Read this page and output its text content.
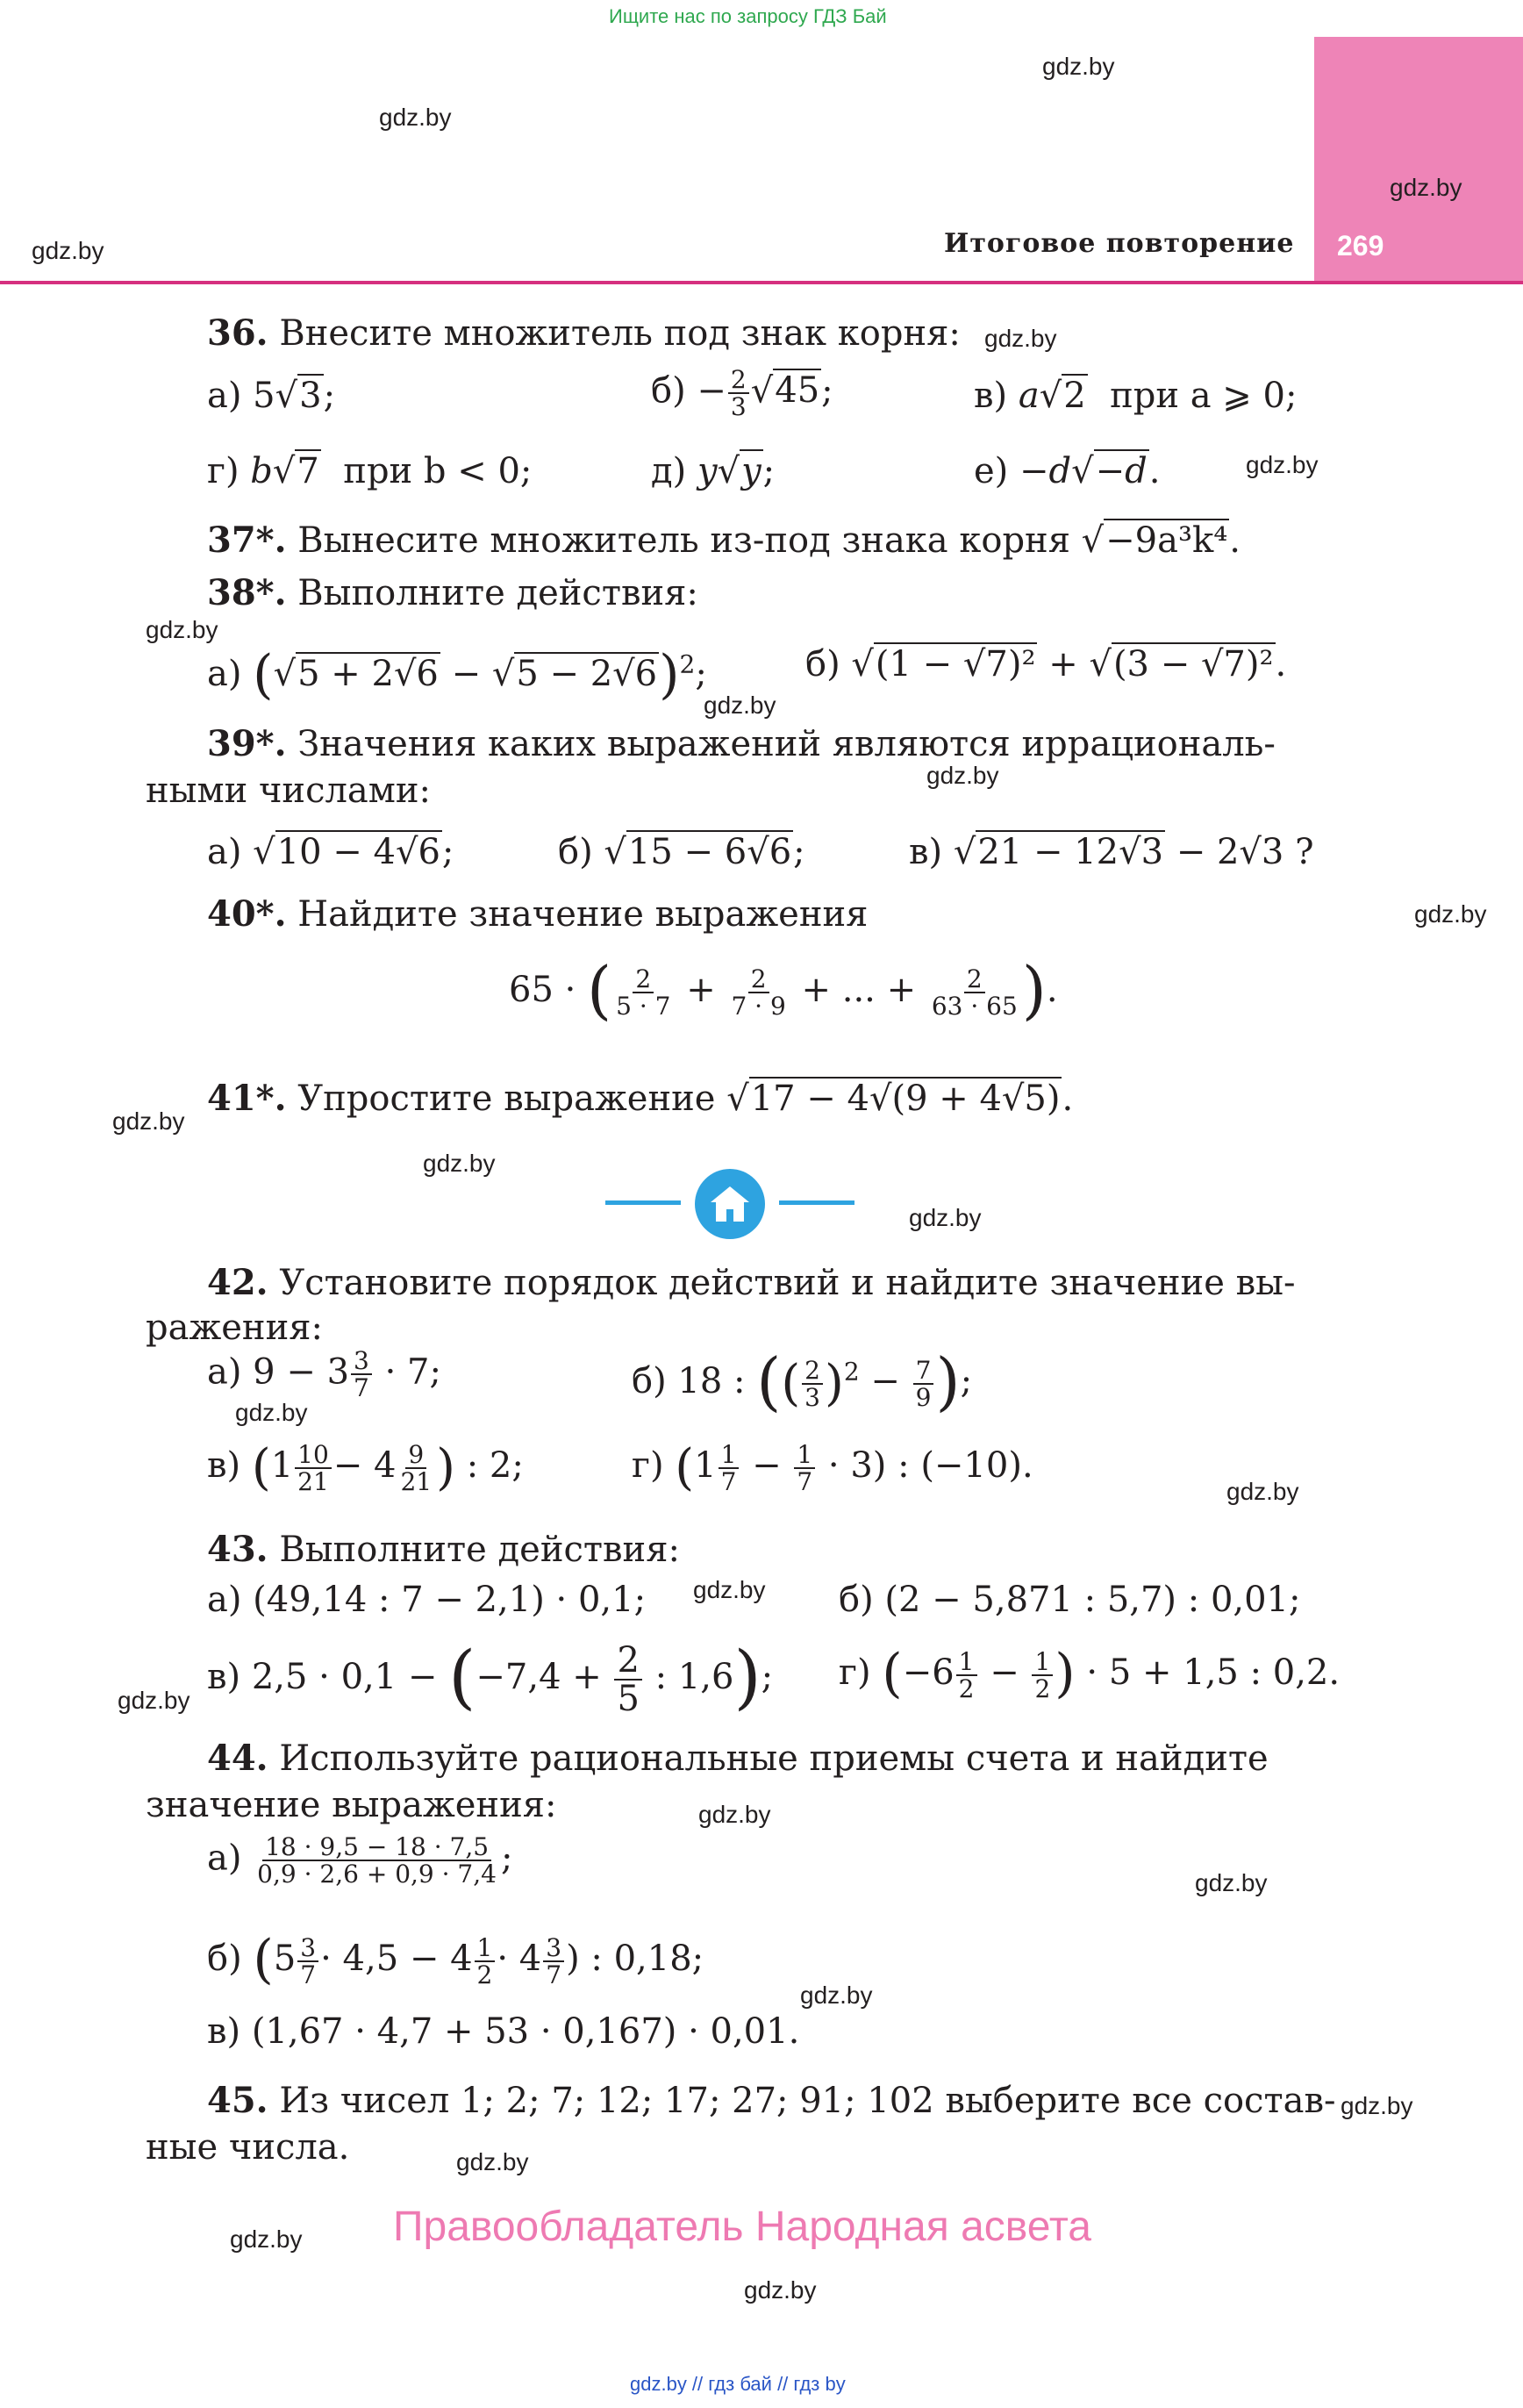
Ищите нас по запросу ГДЗ Бай
Итоговое повторение 269
gdz.by
gdz.by
gdz.by
gdz.by
gdz.by
gdz.by
gdz.by
gdz.by
gdz.by
gdz.by
gdz.by
gdz.by
gdz.by
gdz.by
gdz.by
gdz.by
gdz.by
gdz.by
gdz.by
gdz.by
gdz.by
gdz.by
gdz.by
gdz.by
36. Внесите множитель под знак корня:
а) 5√3;	$б) - \frac{2}{3} √45$;	в) a√2 при a ⩾ 0;
г) b√7 при b < 0;	д) y√y;	е) −d√−d.
37*. Вынесите множитель из-под знака корня √−9a³k⁴.
38*. Выполните действия:
а) $(√5 + 2√6 - √5 - 2√6)^2$;	б) √(1 − √7)² + √(3 − √7)².
39*. Значения каких выражений являются иррациональ-
ными числами:
а) √10 − 4√6;	б) √15 − 6√6;	в) √21 − 12√3 − 2√3 ?
40*. Найдите значение выражения
65 · ( $\frac{2}{5 \cdot 7} + \frac{2}{7 \cdot 9}$ + ... + $\frac{2}{63 \cdot 65}$ ).
41*. Упростите выражение √17 − 4√(9 + 4√5).
42. Установите порядок действий и найдите значение вы-
ражения:
а) $9 - 3 \frac{3}{7} \cdot 7$;	б) 18 : (( $\frac{2}{3} )^2 - \frac{7}{9}$ );
в) ($1 \frac{10}{21} - 4 \frac{9}{21}$ ) : 2;	г) $(1 \frac{1}{7} - \frac{1}{7} \cdot 3)$ : (−10).
43. Выполните действия:
а) (49,14 : 7 − 2,1) · 0,1;	б) (2 − 5,871 : 5,7) : 0,01;
в) $2,5 \cdot 0,1 - (-7,4 + \frac{2}{5}$ : 1,6); г) ($-6 \frac{1}{2} - \frac{1}{2}$ ) · 5 + 1,5 : 0,2.
44. Используйте рациональные приемы счета и найдите
значение выражения:
$а) \frac{18 \cdot 9,5 - 18 \cdot 7,5}{0,9 \cdot 2,6 + 0,9 \cdot 7,4}$ ;
б) ($5 \frac{3}{7} \cdot 4,5 - 4 \frac{1}{2} \cdot 4 \frac{3}{7}$ ) : 0,18;
в) (1,67 · 4,7 + 53 · 0,167) · 0,01.
45. Из чисел 1; 2; 7; 12; 17; 27; 91; 102 выберите все состав-
ные числа.
Правообладатель Народная асвета
gdz.by // гдз бай // гдз by
